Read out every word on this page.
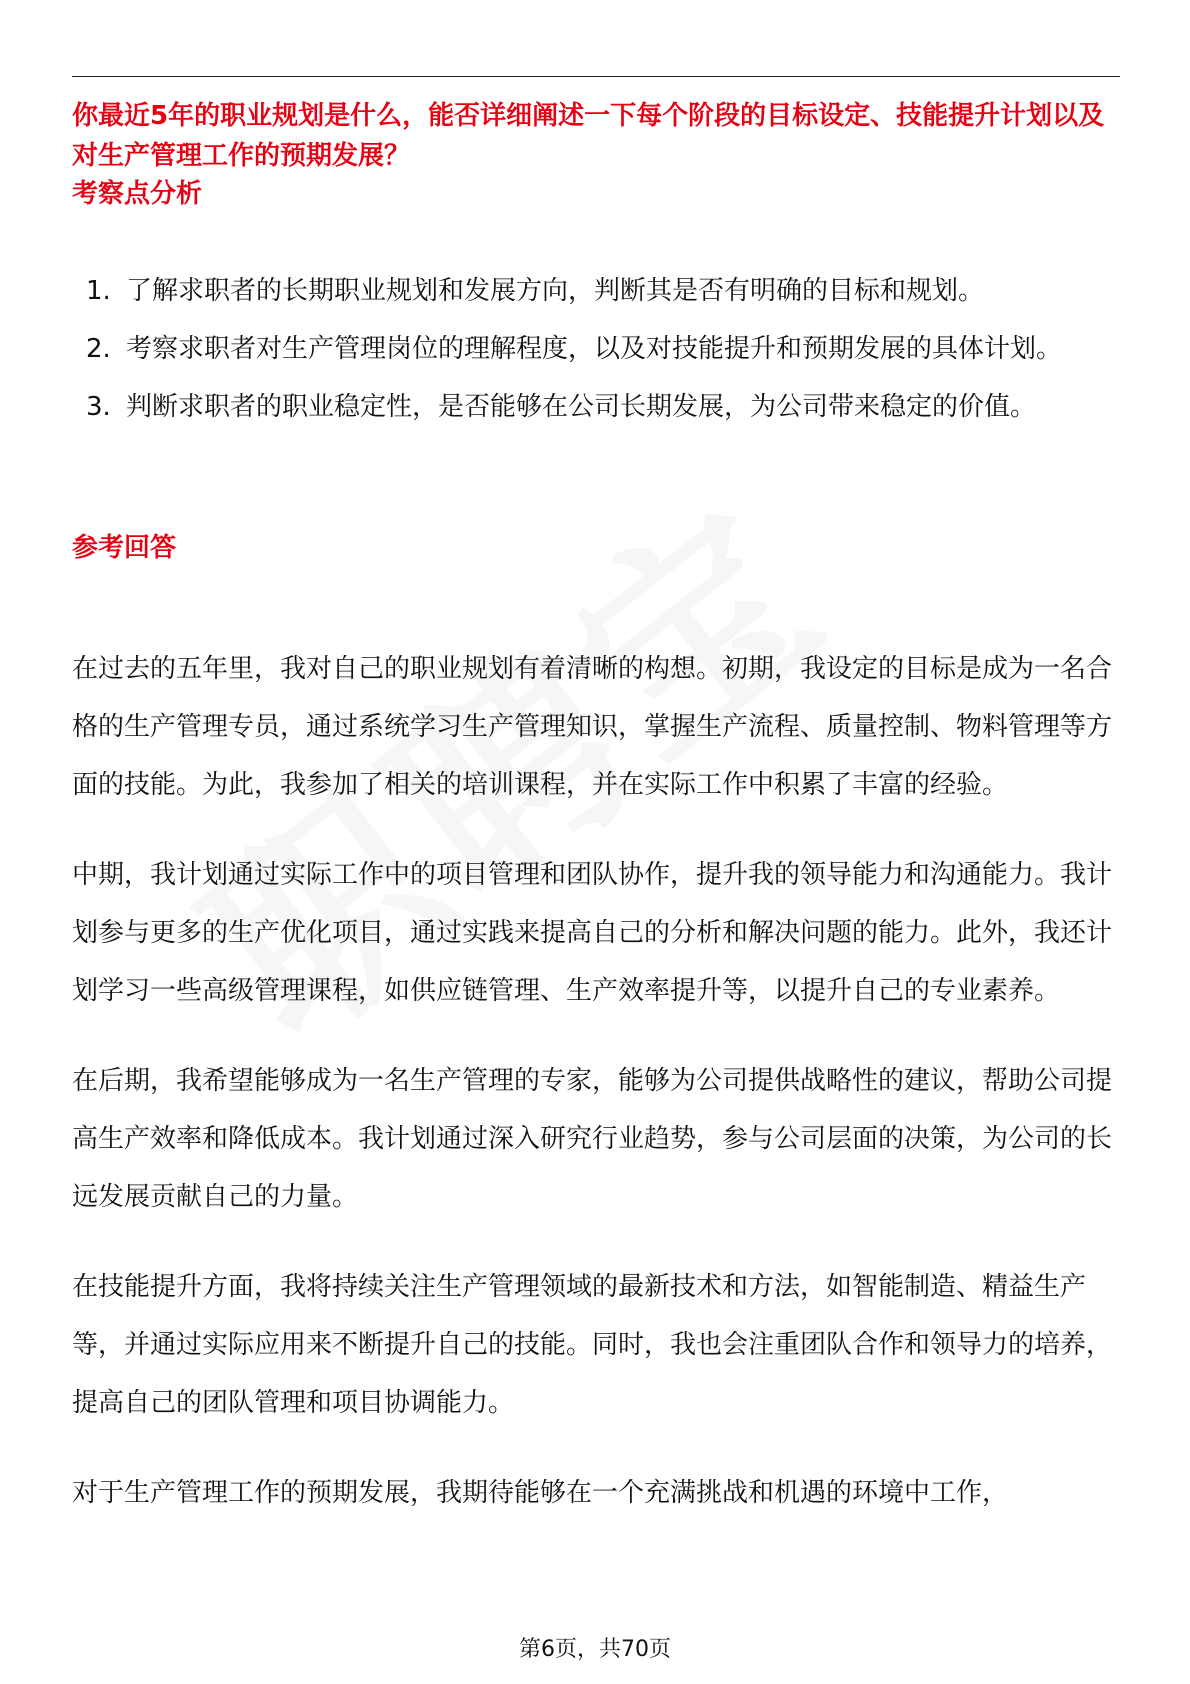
你最近5年的职业规划是什么，能否详细阐述一下每个阶段的目标设定、技能提升计划以及对生产管理工作的预期发展？
考察点分析
1. 了解求职者的长期职业规划和发展方向，判断其是否有明确的目标和规划。
2. 考察求职者对生产管理岗位的理解程度，以及对技能提升和预期发展的具体计划。
3. 判断求职者的职业稳定性，是否能够在公司长期发展，为公司带来稳定的价值。
参考回答

在过去的五年里，我对自己的职业规划有着清晰的构想。初期，我设定的目标是成为一名合格的生产管理专员，通过系统学习生产管理知识，掌握生产流程、质量控制、物料管理等方面的技能。为此，我参加了相关的培训课程，并在实际工作中积累了丰富的经验。

中期，我计划通过实际工作中的项目管理和团队协作，提升我的领导能力和沟通能力。我计划参与更多的生产优化项目，通过实践来提高自己的分析和解决问题的能力。此外，我还计划学习一些高级管理课程，如供应链管理、生产效率提升等，以提升自己的专业素养。

在后期，我希望能够成为一名生产管理的专家，能够为公司提供战略性的建议，帮助公司提高生产效率和降低成本。我计划通过深入研究行业趋势，参与公司层面的决策，为公司的长远发展贡献自己的力量。

在技能提升方面，我将持续关注生产管理领域的最新技术和方法，如智能制造、精益生产等，并通过实际应用来不断提升自己的技能。同时，我也会注重团队合作和领导力的培养，提高自己的团队管理和项目协调能力。

对于生产管理工作的预期发展，我期待能够在一个充满挑战和机遇的环境中工作，

第6页，共70页
